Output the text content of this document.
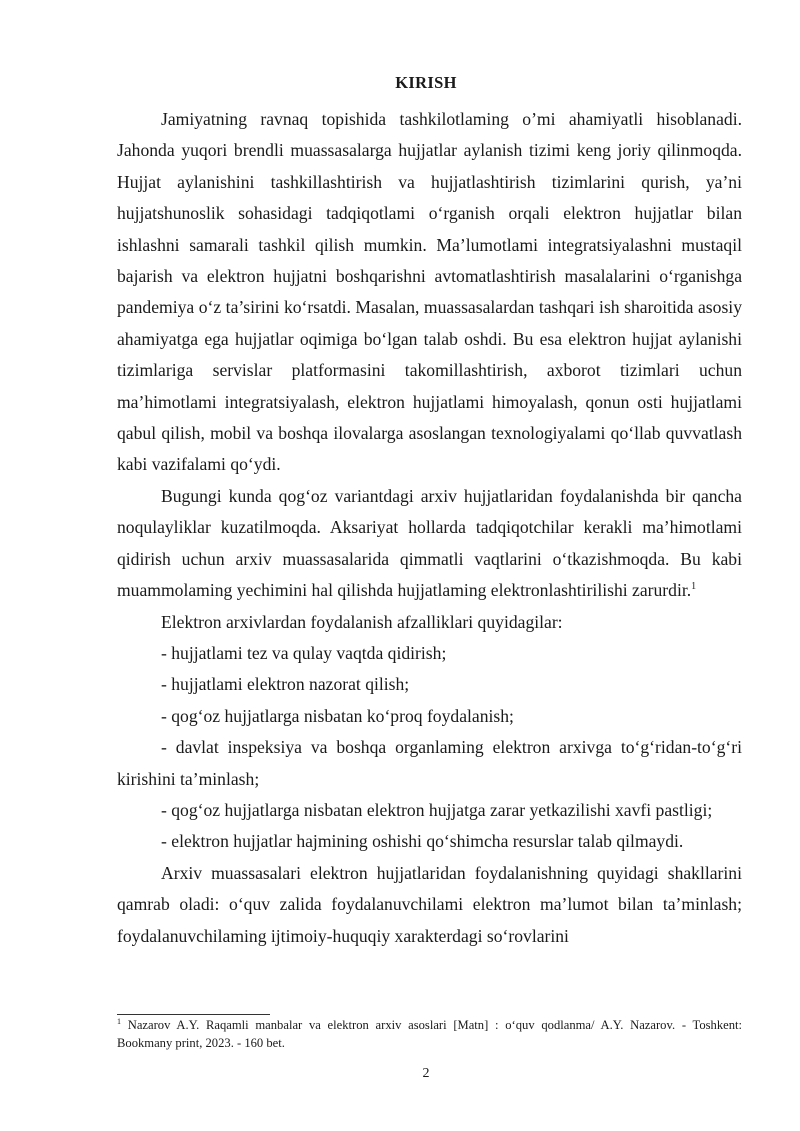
KIRISH

Jamiyatning ravnaq topishida tashkilotlaming o’mi ahamiyatli hisoblanadi. Jahonda yuqori brendli muassasalarga hujjatlar aylanish tizimi keng joriy qilinmoqda. Hujjat aylanishini tashkillashtirish va hujjatlashtirish tizimlarini qurish, ya’ni hujjatshunoslik sohasidagi tadqiqotlami o‘rganish orqali elektron hujjatlar bilan ishlashni samarali tashkil qilish mumkin. Ma’lumotlami integratsiyalashni mustaqil bajarish va elektron hujjatni boshqarishni avtomatlashtirish masalalarini o‘rganishga pandemiya o‘z ta’sirini ko‘rsatdi. Masalan, muassasalardan tashqari ish sharoitida asosiy ahamiyatga ega hujjatlar oqimiga bo‘lgan talab oshdi. Bu esa elektron hujjat aylanishi tizimlariga servislar platformasini takomillashtirish, axborot tizimlari uchun ma’himotlami integratsiyalash, elektron hujjatlami himoyalash, qonun osti hujjatlami qabul qilish, mobil va boshqa ilovalarga asoslangan texnologiyalami qo‘llab quvvatlash kabi vazifalami qo‘ydi.

Bugungi kunda qog‘oz variantdagi arxiv hujjatlaridan foydalanishda bir qancha noqulayliklar kuzatilmoqda. Aksariyat hollarda tadqiqotchilar kerakli ma’himotlami qidirish uchun arxiv muassasalarida qimmatli vaqtlarini o‘tkazishmoqda. Bu kabi muammolaming yechimini hal qilishda hujjatlaming elektronlashtirilishi zarurdir.$^1$

Elektron arxivlardan foydalanish afzalliklari quyidagilar:

- hujjatlami tez va qulay vaqtda qidirish;

- hujjatlami elektron nazorat qilish;

- qog‘oz hujjatlarga nisbatan ko‘proq foydalanish;

- davlat inspeksiya va boshqa organlaming elektron arxivga to‘g‘ridan-to‘g‘ri kirishini ta’minlash;

- qog‘oz hujjatlarga nisbatan elektron hujjatga zarar yetkazilishi xavfi pastligi;

- elektron hujjatlar hajmining oshishi qo‘shimcha resurslar talab qilmaydi.

Arxiv muassasalari elektron hujjatlaridan foydalanishning quyidagi shakllarini qamrab oladi: o‘quv zalida foydalanuvchilami elektron ma’lumot bilan ta’minlash; foydalanuvchilaming ijtimoiy-huquqiy xarakterdagi so‘rovlarini

$^1$ Nazarov A.Y. Raqamli manbalar va elektron arxiv asoslari [Matn] : o‘quv qodlanma/ A.Y. Nazarov. - Toshkent: Bookmany print, 2023. - 160 bet.
2
